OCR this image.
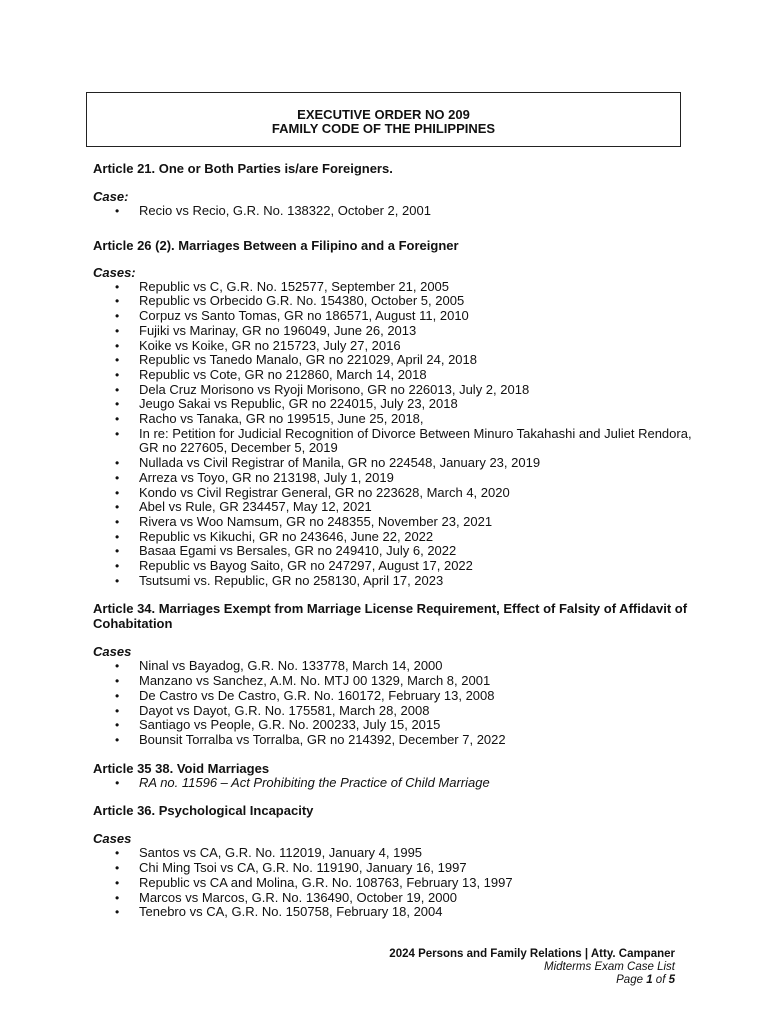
EXECUTIVE ORDER NO 209
FAMILY CODE OF THE PHILIPPINES

Article 21. One or Both Parties is/are Foreigners.

Case:

• Recio vs Recio, G.R. No. 138322, October 2, 2001

Article 26 (2). Marriages Between a Filipino and a Foreigner

Cases:

• Republic vs C, G.R. No. 152577, September 21, 2005
• Republic vs Orbecido G.R. No. 154380, October 5, 2005
• Corpuz vs Santo Tomas, GR no 186571, August 11, 2010
• Fujiki vs Marinay, GR no 196049, June 26, 2013
• Koike vs Koike, GR no 215723, July 27, 2016
• Republic vs Tanedo Manalo, GR no 221029, April 24, 2018
• Republic vs Cote, GR no 212860, March 14, 2018
• Dela Cruz Morisono vs Ryoji Morisono, GR no 226013, July 2, 2018
• Jeugo Sakai vs Republic, GR no 224015, July 23, 2018
• Racho vs Tanaka, GR no 199515, June 25, 2018,
• In re: Petition for Judicial Recognition of Divorce Between Minuro Takahashi and Juliet Rendora, GR no 227605, December 5, 2019
• Nullada vs Civil Registrar of Manila, GR no 224548, January 23, 2019
• Arreza vs Toyo, GR no 213198, July 1, 2019
• Kondo vs Civil Registrar General, GR no 223628, March 4, 2020
• Abel vs Rule, GR 234457, May 12, 2021
• Rivera vs Woo Namsum, GR no 248355, November 23, 2021
• Republic vs Kikuchi, GR no 243646, June 22, 2022
• Basaa Egami vs Bersales, GR no 249410, July 6, 2022
• Republic vs Bayog Saito, GR no 247297, August 17, 2022
• Tsutsumi vs. Republic, GR no 258130, April 17, 2023

Article 34. Marriages Exempt from Marriage License Requirement, Effect of Falsity of Affidavit of Cohabitation

Cases

• Ninal vs Bayadog, G.R. No. 133778, March 14, 2000
• Manzano vs Sanchez, A.M. No. MTJ 00 1329, March 8, 2001
• De Castro vs De Castro, G.R. No. 160172, February 13, 2008
• Dayot vs Dayot, G.R. No. 175581, March 28, 2008
• Santiago vs People, G.R. No. 200233, July 15, 2015
• Bounsit Torralba vs Torralba, GR no 214392, December 7, 2022

Article 35 38. Void Marriages

• RA no. 11596 – Act Prohibiting the Practice of Child Marriage

Article 36. Psychological Incapacity

Cases

• Santos vs CA, G.R. No. 112019, January 4, 1995
• Chi Ming Tsoi vs CA, G.R. No. 119190, January 16, 1997
• Republic vs CA and Molina, G.R. No. 108763, February 13, 1997
• Marcos vs Marcos, G.R. No. 136490, October 19, 2000
• Tenebro vs CA, G.R. No. 150758, February 18, 2004
2024 Persons and Family Relations | Atty. Campaner
Midterms Exam Case List
Page 1 of 5
